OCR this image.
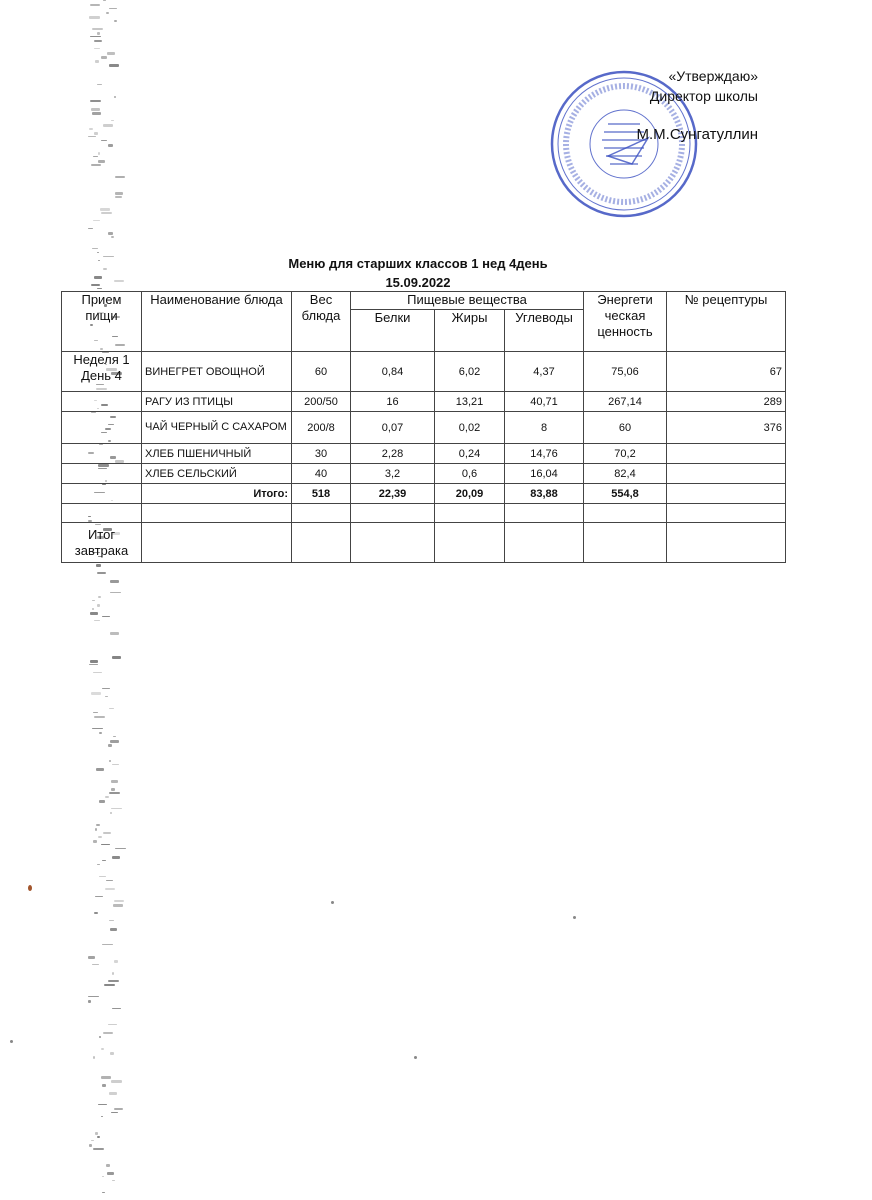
«Утверждаю»
Директор школы
М.М.Сунгатуллин
Меню для старших классов 1 нед 4день
15.09.2022
Прием пищи	Наименование блюда	Вес блюда	Пищевые вещества			Энергети ческая ценность	№ рецептуры
			Белки	Жиры	Углеводы		
Неделя 1 День 4	ВИНЕГРЕТ ОВОЩНОЙ	60	0,84	6,02	4,37	75,06	67
	РАГУ ИЗ ПТИЦЫ	200/50	16	13,21	40,71	267,14	289
	ЧАЙ ЧЕРНЫЙ С САХАРОМ	200/8	0,07	0,02	8	60	376
	ХЛЕБ ПШЕНИЧНЫЙ	30	2,28	0,24	14,76	70,2	
	ХЛЕБ СЕЛЬСКИЙ	40	3,2	0,6	16,04	82,4	
	Итого:	518	22,39	20,09	83,88	554,8	

Итог завтрака							
